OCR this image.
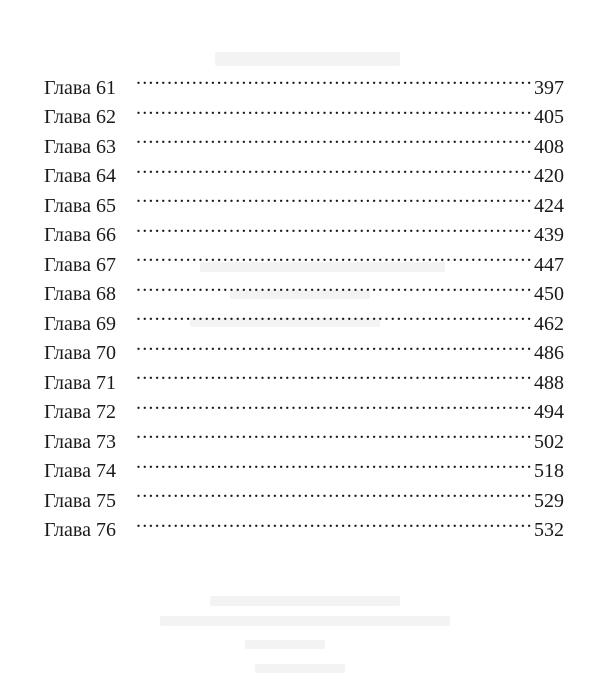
Глава 61 .....	397
Глава 62 .....	405
Глава 63 .....	408
Глава 64 .....	420
Глава 65 .....	424
Глава 66 .....	439
Глава 67 .....	447
Глава 68 .....	450
Глава 69 .....	462
Глава 70 .....	486
Глава 71 .....	488
Глава 72 .....	494
Глава 73 .....	502
Глава 74 .....	518
Глава 75 .....	529
Глава 76 .....	532
